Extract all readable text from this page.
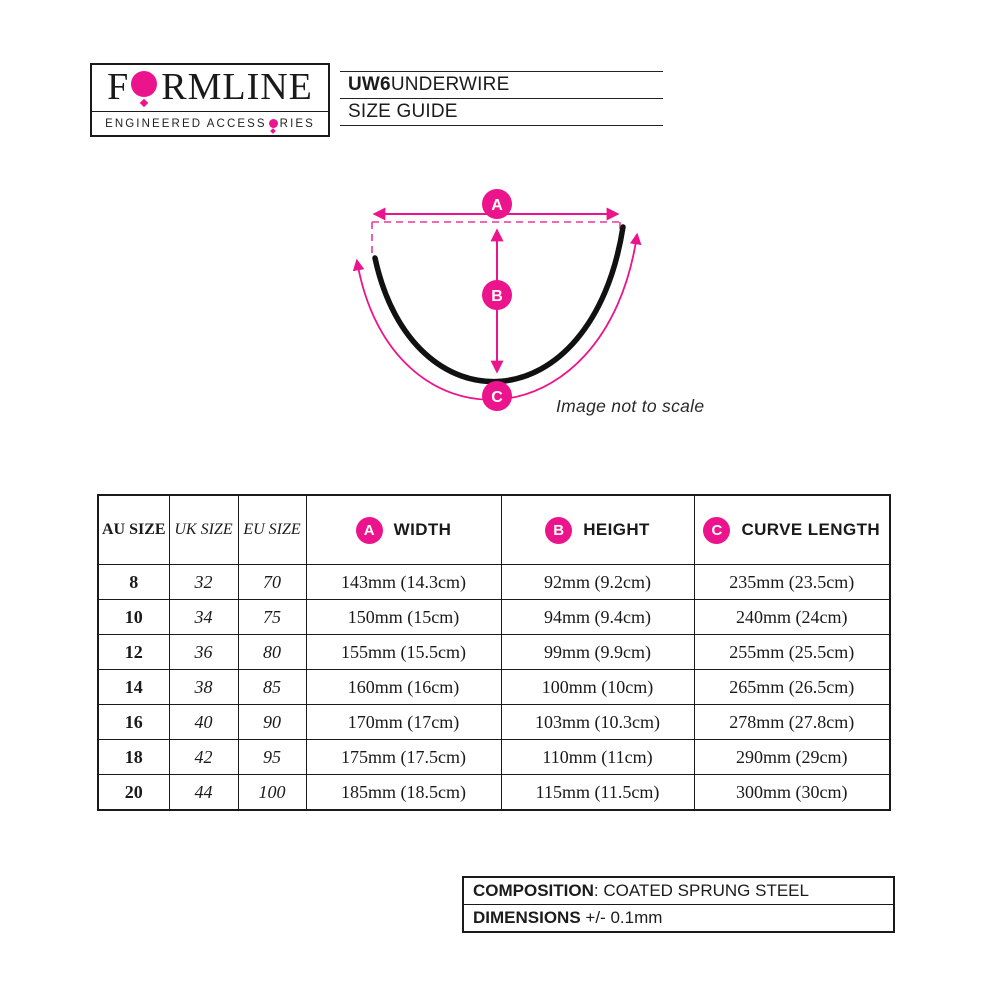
F RMLINE
ENGINEERED ACCESS RIES
UW6 UNDERWIRE
SIZE GUIDE
A
B
C	Image not to scale
AU SIZE	UK SIZE	EU SIZE	A WIDTH	B HEIGHT	C CURVE LENGTH

8	32	70	143mm (14.3cm)	92mm (9.2cm)	235mm (23.5cm)
10	34	75	150mm (15cm)	94mm (9.4cm)	240mm (24cm)
12	36	80	155mm (15.5cm)	99mm (9.9cm)	255mm (25.5cm)
14	38	85	160mm (16cm)	100mm (10cm)	265mm (26.5cm)
16	40	90	170mm (17cm)	103mm (10.3cm)	278mm (27.8cm)
18	42	95	175mm (17.5cm)	110mm (11cm)	290mm (29cm)
20	44	100	185mm (18.5cm)	115mm (11.5cm)	300mm (30cm)
COMPOSITION: COATED SPRUNG STEEL
DIMENSIONS +/- 0.1mm
